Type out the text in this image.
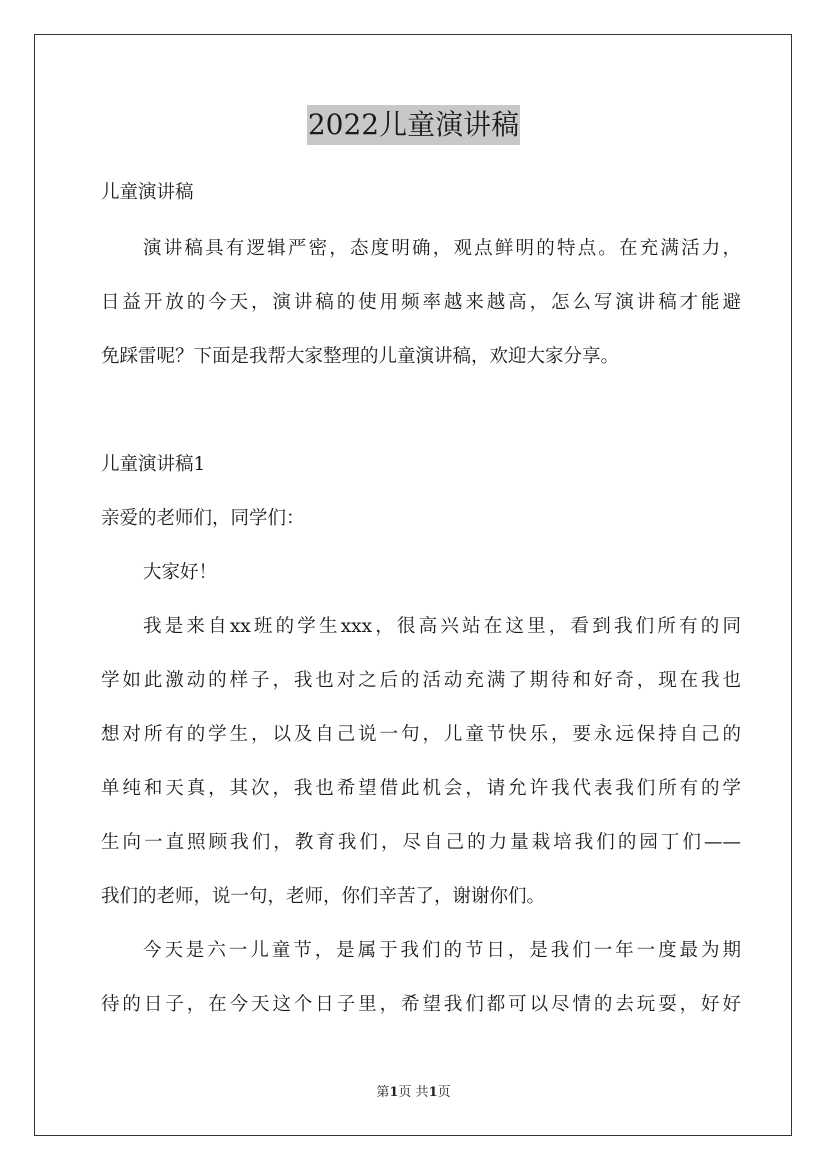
2022儿童演讲稿

儿童演讲稿

演讲稿具有逻辑严密，态度明确，观点鲜明的特点。在充满活力，

日益开放的今天，演讲稿的使用频率越来越高，怎么写演讲稿才能避

免踩雷呢？下面是我帮大家整理的儿童演讲稿，欢迎大家分享。

儿童演讲稿1

亲爱的老师们，同学们：

大家好！

我是来自xx班的学生xxx，很高兴站在这里，看到我们所有的同

学如此激动的样子，我也对之后的活动充满了期待和好奇，现在我也

想对所有的学生，以及自己说一句，儿童节快乐，要永远保持自己的

单纯和天真，其次，我也希望借此机会，请允许我代表我们所有的学

生向一直照顾我们，教育我们，尽自己的力量栽培我们的园丁们——

我们的老师，说一句，老师，你们辛苦了，谢谢你们。

今天是六一儿童节，是属于我们的节日，是我们一年一度最为期

待的日子，在今天这个日子里，希望我们都可以尽情的去玩耍，好好

第1页 共1页
